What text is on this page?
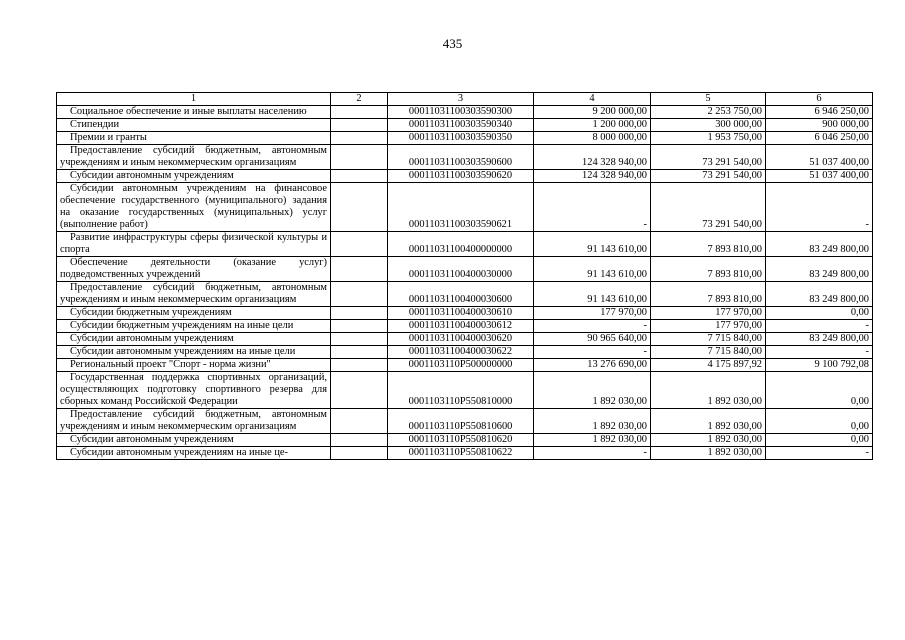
435
1	2	3	4	5	6
Социальное обеспечение и иные выплаты населению		00011031100303590300	9 200 000,00	2 253 750,00	6 946 250,00
Стипендии		00011031100303590340	1 200 000,00	300 000,00	900 000,00
Премии и гранты		00011031100303590350	8 000 000,00	1 953 750,00	6 046 250,00
Предоставление субсидий бюджетным, автономным учреждениям и иным некоммерческим организациям		00011031100303590600	124 328 940,00	73 291 540,00	51 037 400,00
Субсидии автономным учреждениям		00011031100303590620	124 328 940,00	73 291 540,00	51 037 400,00
Субсидии автономным учреждениям на финансовое обеспечение государственного (муниципального) задания на оказание государственных (муниципальных) услуг (выполнение работ)		00011031100303590621	-	73 291 540,00	-
Развитие инфраструктуры сферы физической культуры и спорта		00011031100400000000	91 143 610,00	7 893 810,00	83 249 800,00
Обеспечение деятельности (оказание услуг) подведомственных учреждений		00011031100400030000	91 143 610,00	7 893 810,00	83 249 800,00
Предоставление субсидий бюджетным, автономным учреждениям и иным некоммерческим организациям		00011031100400030600	91 143 610,00	7 893 810,00	83 249 800,00
Субсидии бюджетным учреждениям		00011031100400030610	177 970,00	177 970,00	0,00
Субсидии бюджетным учреждениям на иные цели		00011031100400030612	-	177 970,00	-
Субсидии автономным учреждениям		00011031100400030620	90 965 640,00	7 715 840,00	83 249 800,00
Субсидии автономным учреждениям на иные цели		00011031100400030622	-	7 715 840,00	-
Региональный проект "Спорт - норма жизни"		0001103110P500000000	13 276 690,00	4 175 897,92	9 100 792,08
Государственная поддержка спортивных организаций, осуществляющих подготовку спортивного резерва для сборных команд Российской Федерации		0001103110P550810000	1 892 030,00	1 892 030,00	0,00
Предоставление субсидий бюджетным, автономным учреждениям и иным некоммерческим организациям		0001103110P550810600	1 892 030,00	1 892 030,00	0,00
Субсидии автономным учреждениям		0001103110P550810620	1 892 030,00	1 892 030,00	0,00
Субсидии автономным учреждениям на иные це-		0001103110P550810622	-	1 892 030,00	-
